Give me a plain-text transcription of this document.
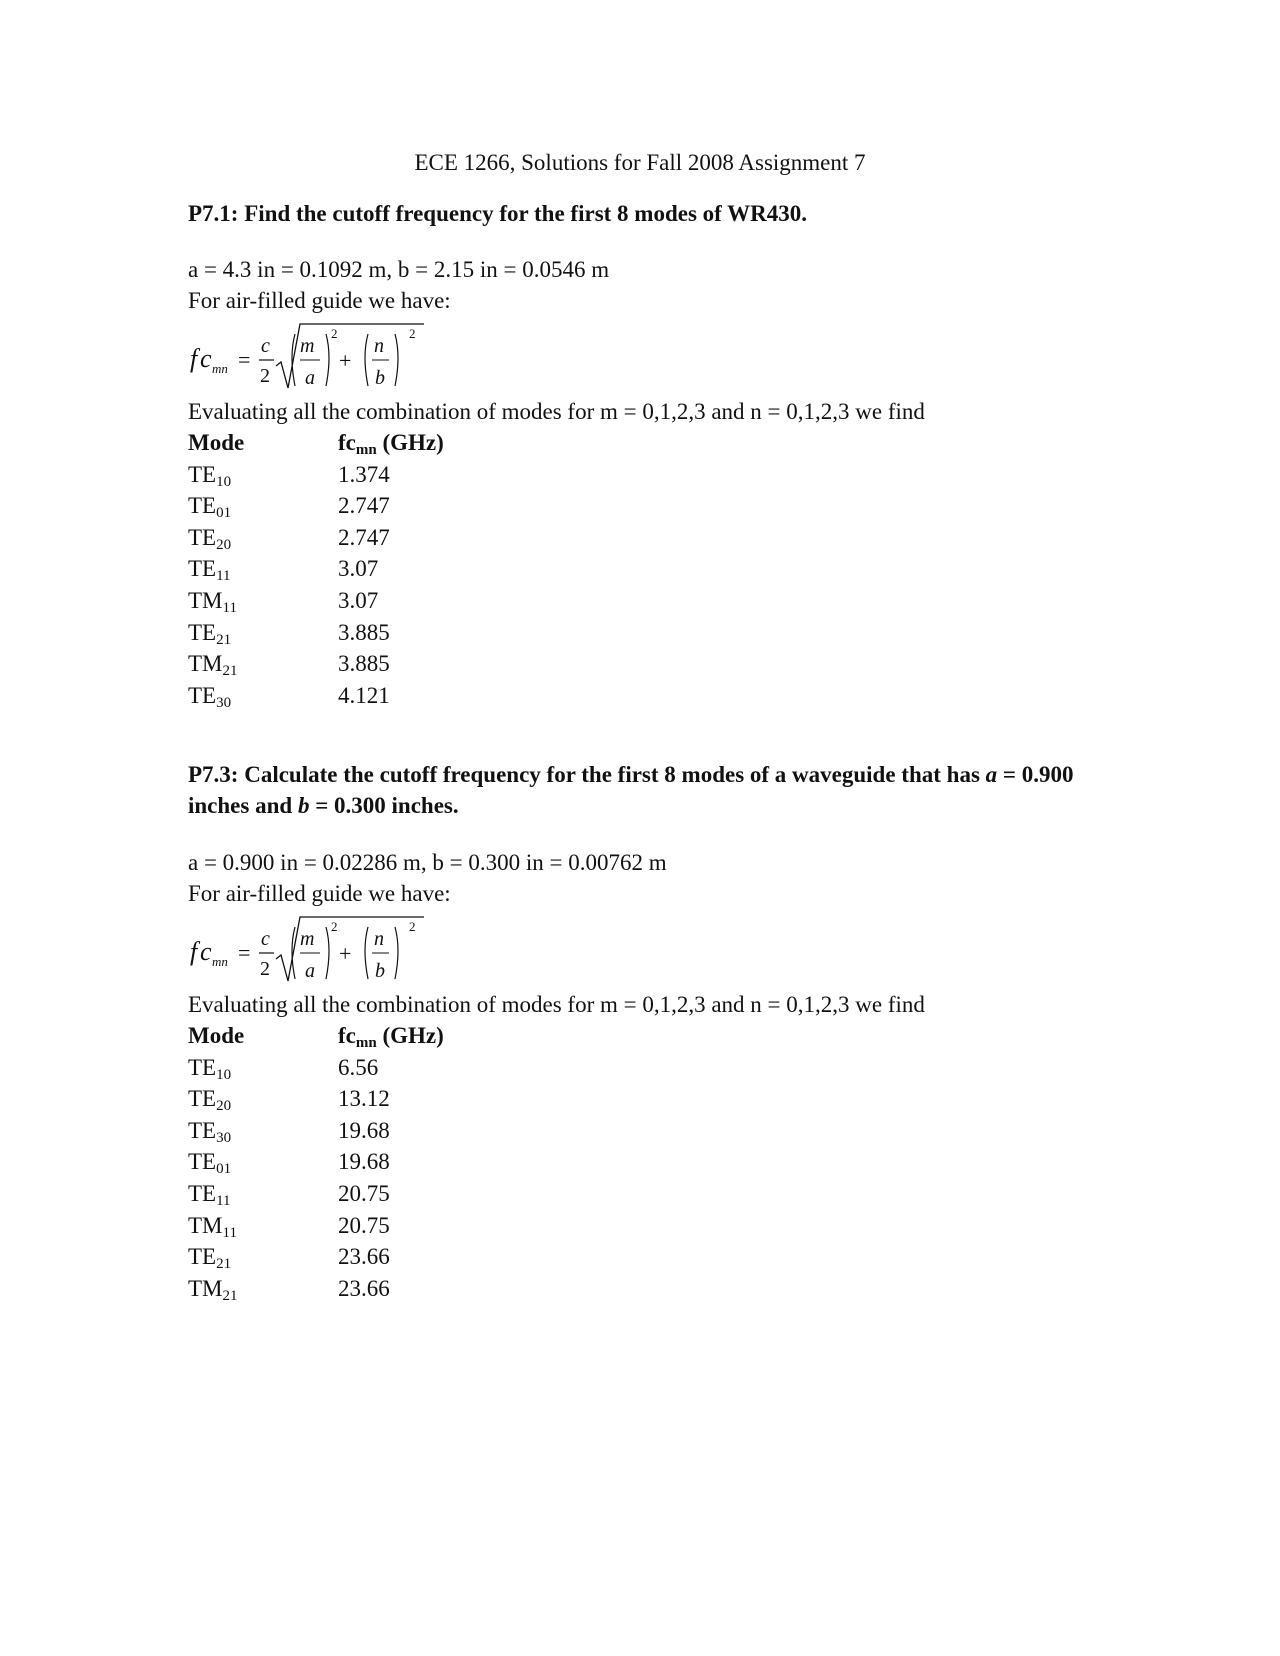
ECE 1266, Solutions for Fall 2008 Assignment 7
P7.1: Find the cutoff frequency for the first 8 modes of WR430.
a = 4.3 in = 0.1092 m, b = 2.15 in = 0.0546 m
For air-filled guide we have:
f c mn =
c
2
m
a
2
+
n
b
2
Evaluating all the combination of modes for m = 0,1,2,3 and n = 0,1,2,3 we find
Mode	$fc_{mn}$ (GHz)
$TE_{10}$	1.374
$TE_{01}$	2.747
$TE_{20}$	2.747
$TE_{11}$	3.07
$TM_{11}$	3.07
$TE_{21}$	3.885
$TM_{21}$	3.885
$TE_{30}$	4.121
P7.3: Calculate the cutoff frequency for the first 8 modes of a waveguide that has a = 0.900 inches and b = 0.300 inches.
a = 0.900 in = 0.02286 m, b = 0.300 in = 0.00762 m
For air-filled guide we have:
f c mn =
c
2
m
a
2
+
n
b
2
Evaluating all the combination of modes for m = 0,1,2,3 and n = 0,1,2,3 we find
Mode	$fc_{mn}$ (GHz)
$TE_{10}$	6.56
$TE_{20}$	13.12
$TE_{30}$	19.68
$TE_{01}$	19.68
$TE_{11}$	20.75
$TM_{11}$	20.75
$TE_{21}$	23.66
$TM_{21}$	23.66
